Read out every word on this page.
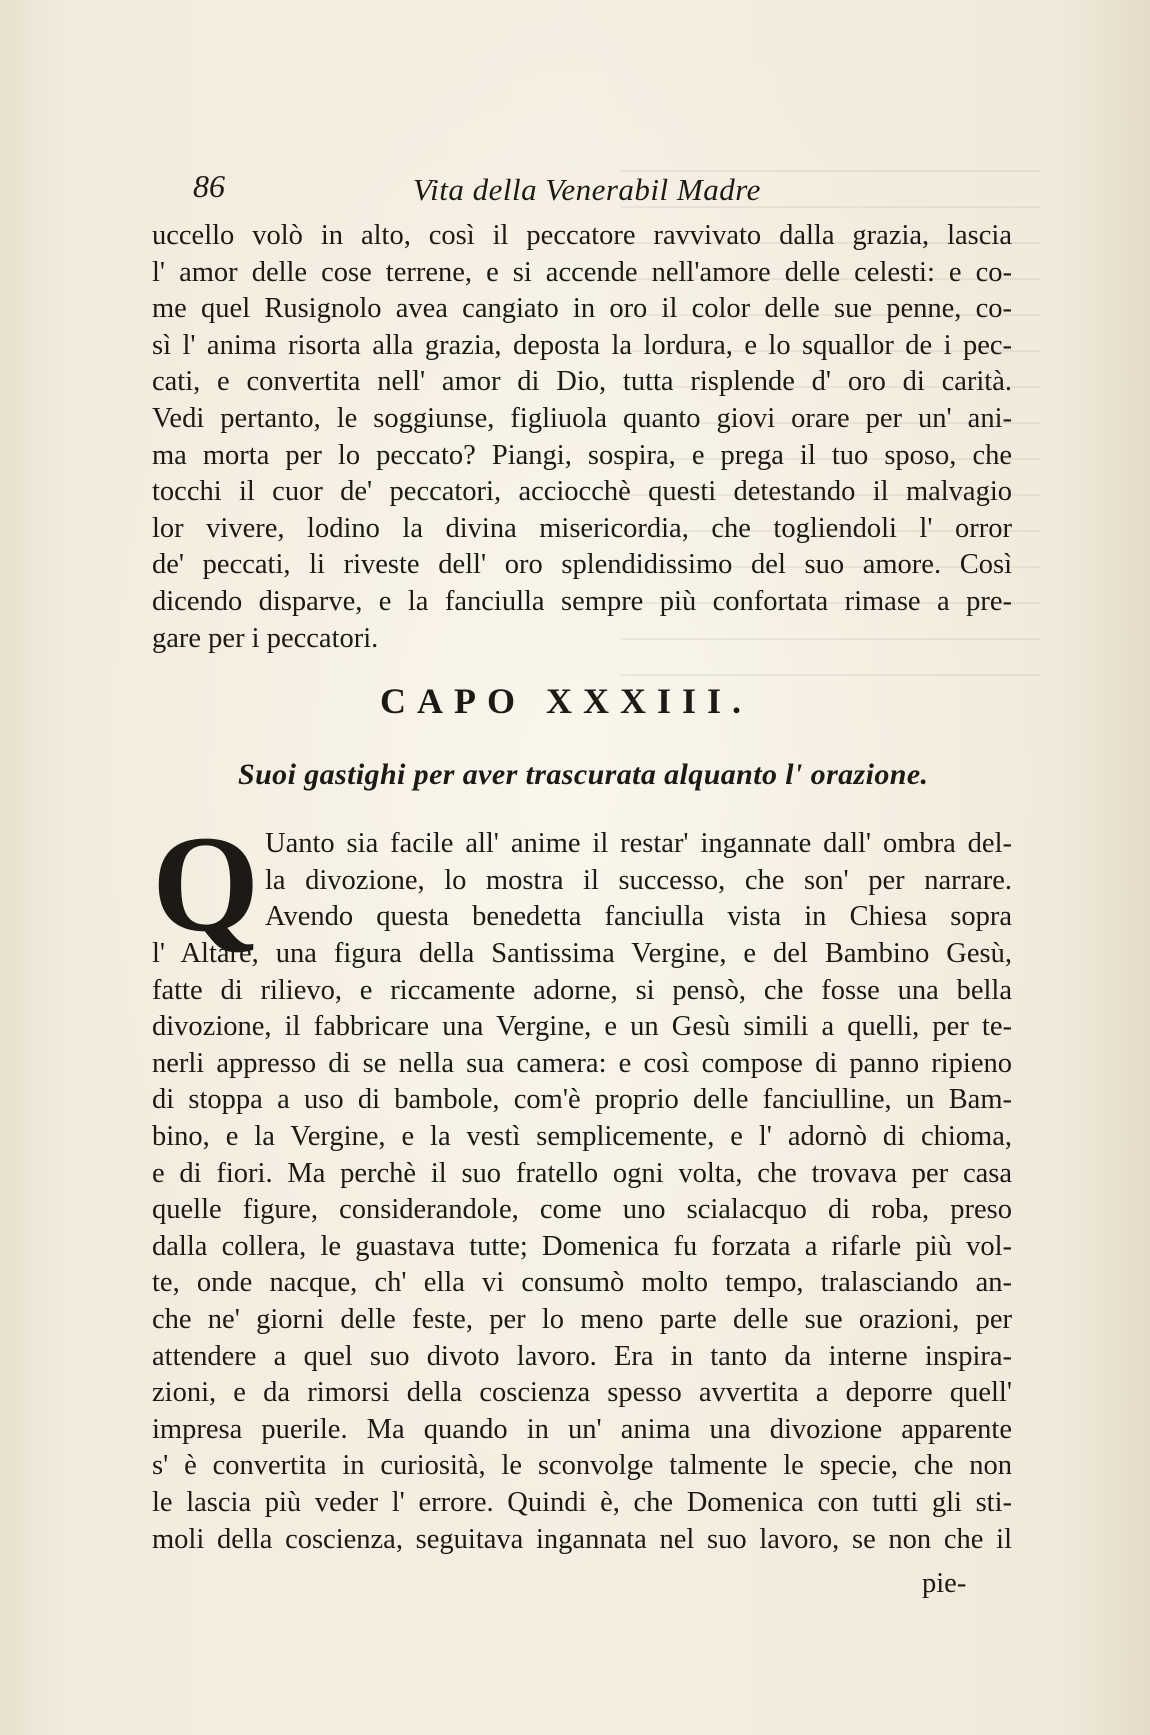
86	Vita della Venerabil Madre
uccello volò in alto, così il peccatore ravvivato dalla grazia, lascia
l' amor delle cose terrene, e si accende nell'amore delle celesti: e co-
me quel Rusignolo avea cangiato in oro il color delle sue penne, co-
sì l' anima risorta alla grazia, deposta la lordura, e lo squallor de i pec-
cati, e convertita nell' amor di Dio, tutta risplende d' oro di carità.
Vedi pertanto, le soggiunse, figliuola quanto giovi orare per un' ani-
ma morta per lo peccato? Piangi, sospira, e prega il tuo sposo, che
tocchi il cuor de' peccatori, acciocchè questi detestando il malvagio
lor vivere, lodino la divina misericordia, che togliendoli l' orror
de' peccati, li riveste dell' oro splendidissimo del suo amore. Così
dicendo disparve, e la fanciulla sempre più confortata rimase a pre-
gare per i peccatori.
CAPO XXXIII.
Suoi gastighi per aver trascurata alquanto l' orazione.
Q Uanto sia facile all' anime il restar' ingannate dall' ombra del-
la divozione, lo mostra il successo, che son' per narrare.
Avendo questa benedetta fanciulla vista in Chiesa sopra
l' Altare, una figura della Santissima Vergine, e del Bambino Gesù,
fatte di rilievo, e riccamente adorne, si pensò, che fosse una bella
divozione, il fabbricare una Vergine, e un Gesù simili a quelli, per te-
nerli appresso di se nella sua camera: e così compose di panno ripieno
di stoppa a uso di bambole, com'è proprio delle fanciulline, un Bam-
bino, e la Vergine, e la vestì semplicemente, e l' adornò di chioma,
e di fiori. Ma perchè il suo fratello ogni volta, che trovava per casa
quelle figure, considerandole, come uno scialacquo di roba, preso
dalla collera, le guastava tutte; Domenica fu forzata a rifarle più vol-
te, onde nacque, ch' ella vi consumò molto tempo, tralasciando an-
che ne' giorni delle feste, per lo meno parte delle sue orazioni, per
attendere a quel suo divoto lavoro. Era in tanto da interne inspira-
zioni, e da rimorsi della coscienza spesso avvertita a deporre quell'
impresa puerile. Ma quando in un' anima una divozione apparente
s' è convertita in curiosità, le sconvolge talmente le specie, che non
le lascia più veder l' errore. Quindi è, che Domenica con tutti gli sti-
moli della coscienza, seguitava ingannata nel suo lavoro, se non che il
pie-
